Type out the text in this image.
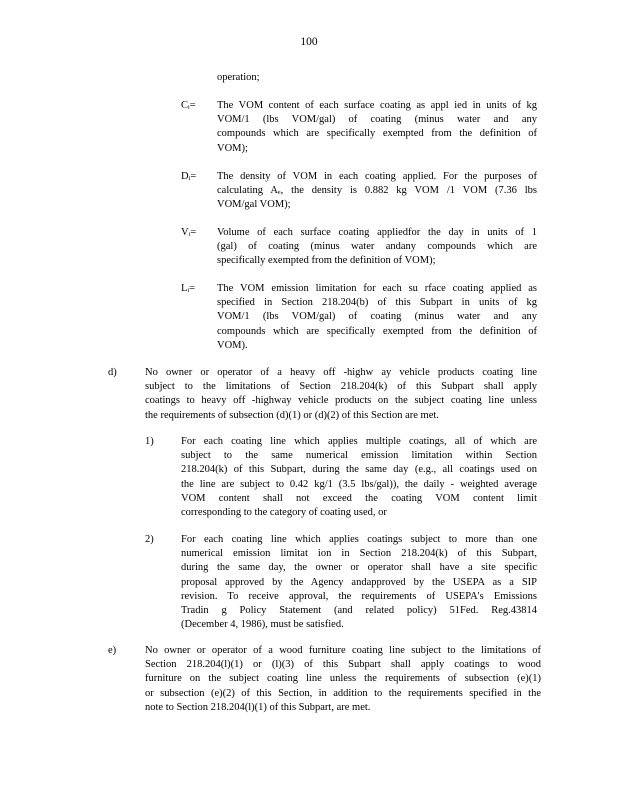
100
operation;
Cᵢ= The VOM content of each surface coating as appl ied in units of kg
VOM/1 (lbs VOM/gal) of coating (minus water and any
compounds which are specifically exempted from the definition of
VOM);
Dᵢ= The density of VOM in each coating applied. For the purposes of
calculating Aₑ, the density is 0.882 kg VOM /1 VOM (7.36 lbs
VOM/gal VOM);
Vᵢ= Volume of each surface coating appliedfor the day in units of 1
(gal) of coating (minus water andany compounds which are
specifically exempted from the definition of VOM);
Lᵢ= The VOM emission limitation for each su rface coating applied as
specified in Section 218.204(b) of this Subpart in units of kg
VOM/1 (lbs VOM/gal) of coating (minus water and any
compounds which are specifically exempted from the definition of
VOM).
d)	No owner or operator of a heavy off -highw ay vehicle products coating line
subject to the limitations of Section 218.204(k) of this Subpart shall apply
coatings to heavy off -highway vehicle products on the subject coating line unless
the requirements of subsection (d)(1) or (d)(2) of this Section are met.
1)	For each coating line which applies multiple coatings, all of which are
subject to the same numerical emission limitation within Section
218.204(k) of this Subpart, during the same day (e.g., all coatings used on
the line are subject to 0.42 kg/1 (3.5 lbs/gal)), the daily - weighted average
VOM content shall not exceed the coating VOM content limit
corresponding to the category of coating used, or
2)	For each coating line which applies coatings subject to more than one
numerical emission limitat ion in Section 218.204(k) of this Subpart,
during the same day, the owner or operator shall have a site specific
proposal approved by the Agency andapproved by the USEPA as a SIP
revision. To receive approval, the requirements of USEPA's Emissions
Tradin g Policy Statement (and related policy) 51Fed. Reg.43814
(December 4, 1986), must be satisfied.
e)	No owner or operator of a wood furniture coating line subject to the limitations of
Section 218.204(l)(1) or (l)(3) of this Subpart shall apply coatings to wood
furniture on the subject coating line unless the requirements of subsection (e)(1)
or subsection (e)(2) of this Section, in addition to the requirements specified in the
note to Section 218.204(l)(1) of this Subpart, are met.
